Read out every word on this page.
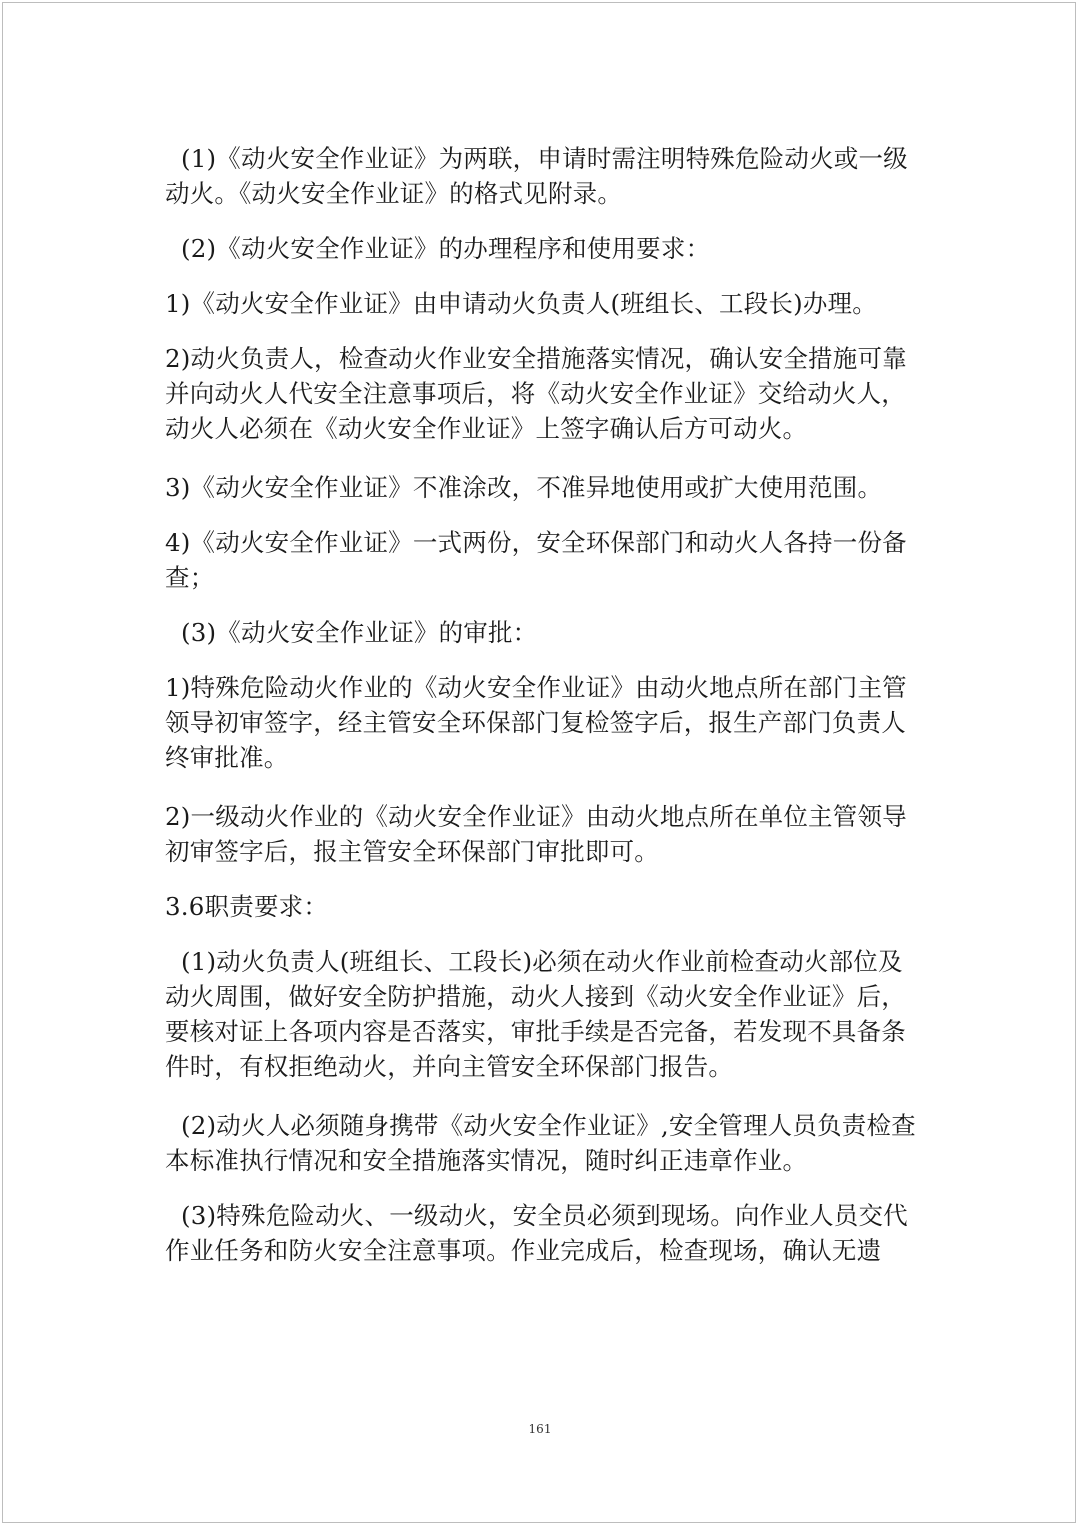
(1)《动火安全作业证》为两联，申请时需注明特殊危险动火或一级动火。《动火安全作业证》的格式见附录。

(2)《动火安全作业证》的办理程序和使用要求：

1)《动火安全作业证》由申请动火负责人(班组长、工段长)办理。

2)动火负责人，检查动火作业安全措施落实情况，确认安全措施可靠并向动火人代安全注意事项后，将《动火安全作业证》交给动火人，动火人必须在《动火安全作业证》上签字确认后方可动火。

3)《动火安全作业证》不准涂改，不准异地使用或扩大使用范围。

4)《动火安全作业证》一式两份，安全环保部门和动火人各持一份备查；

(3)《动火安全作业证》的审批：

1)特殊危险动火作业的《动火安全作业证》由动火地点所在部门主管领导初审签字，经主管安全环保部门复检签字后，报生产部门负责人终审批准。

2)一级动火作业的《动火安全作业证》由动火地点所在单位主管领导初审签字后，报主管安全环保部门审批即可。

3.6职责要求：

(1)动火负责人(班组长、工段长)必须在动火作业前检查动火部位及动火周围，做好安全防护措施，动火人接到《动火安全作业证》后，要核对证上各项内容是否落实，审批手续是否完备，若发现不具备条件时，有权拒绝动火，并向主管安全环保部门报告。

(2)动火人必须随身携带《动火安全作业证》,安全管理人员负责检查本标准执行情况和安全措施落实情况，随时纠正违章作业。

(3)特殊危险动火、一级动火，安全员必须到现场。向作业人员交代作业任务和防火安全注意事项。作业完成后，检查现场，确认无遗

161
